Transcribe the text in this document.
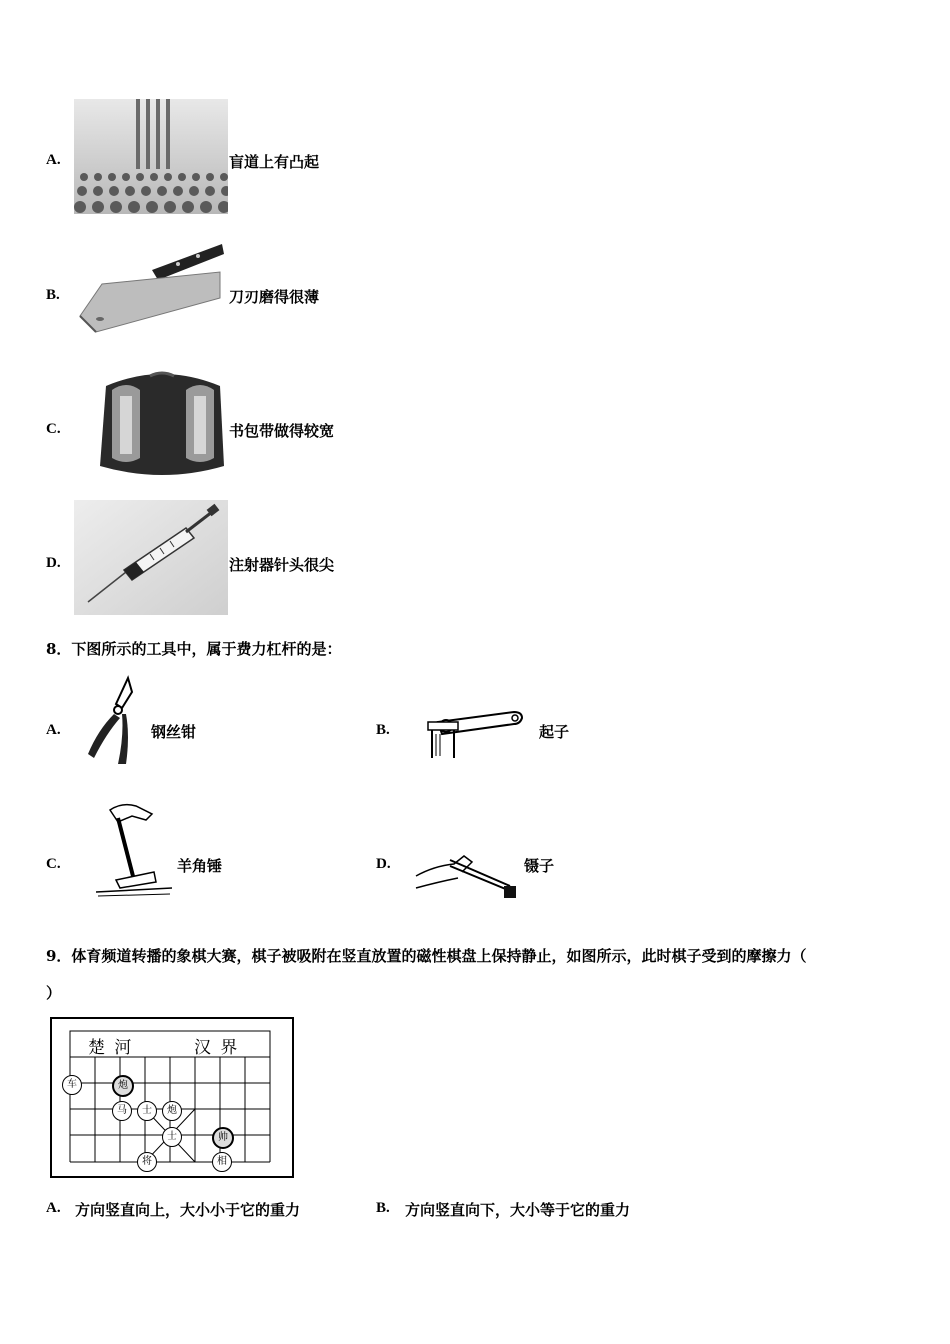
A.	盲道上有凸起
B.	刀刃磨得很薄
C.	书包带做得较宽
D.	注射器针头很尖
8．下图所示的工具中，属于费力杠杆的是：
A.	钢丝钳	B.	起子
C.	羊角锤	D.	镊子
9．体育频道转播的象棋大赛，棋子被吸附在竖直放置的磁性棋盘上保持静止，如图所示，此时棋子受到的摩擦力（
）
楚 河	汉 界
车	炮
马	士	炮
士	帅
将	相
A. 方向竖直向上，大小小于它的重力	B. 方向竖直向下，大小等于它的重力
